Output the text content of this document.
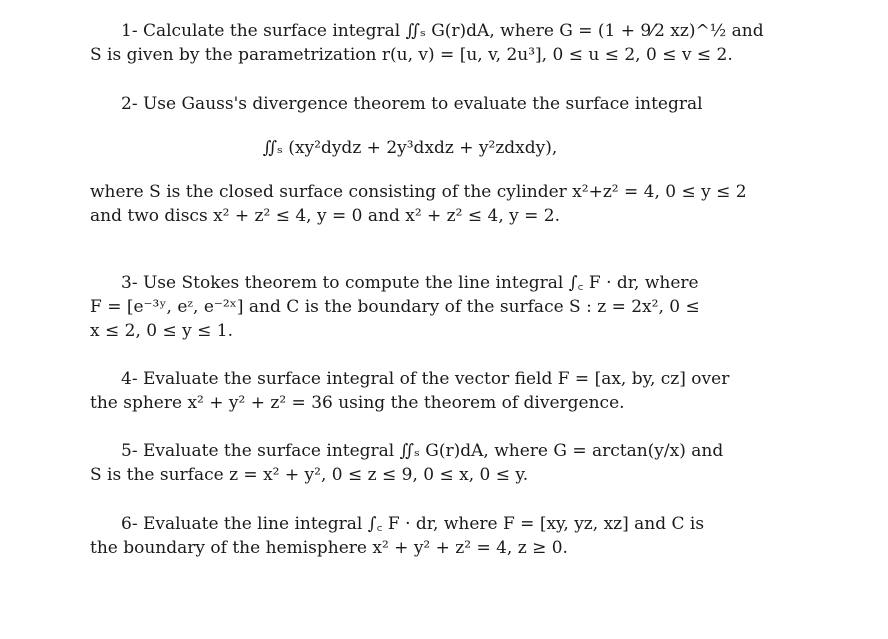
1- Calculate the surface integral ∬ₛ G(r)dA, where G = (1 + 9⁄2 xz)^½ and
S is given by the parametrization r(u, v) = [u, v, 2u³], 0 ≤ u ≤ 2, 0 ≤ v ≤ 2.
2- Use Gauss's divergence theorem to evaluate the surface integral
∬ₛ (xy²dydz + 2y³dxdz + y²zdxdy),
where S is the closed surface consisting of the cylinder x²+z² = 4, 0 ≤ y ≤ 2
and two discs x² + z² ≤ 4, y = 0 and x² + z² ≤ 4, y = 2.
3- Use Stokes theorem to compute the line integral ∫꜀ F · dr, where
F = [e⁻³ʸ, eᶻ, e⁻²ˣ] and C is the boundary of the surface S : z = 2x², 0 ≤
x ≤ 2, 0 ≤ y ≤ 1.
4- Evaluate the surface integral of the vector field F = [ax, by, cz] over
the sphere x² + y² + z² = 36 using the theorem of divergence.
5- Evaluate the surface integral ∬ₛ G(r)dA, where G = arctan(y/x) and
S is the surface z = x² + y², 0 ≤ z ≤ 9, 0 ≤ x, 0 ≤ y.
6- Evaluate the line integral ∫꜀ F · dr, where F = [xy, yz, xz] and C is
the boundary of the hemisphere x² + y² + z² = 4, z ≥ 0.
